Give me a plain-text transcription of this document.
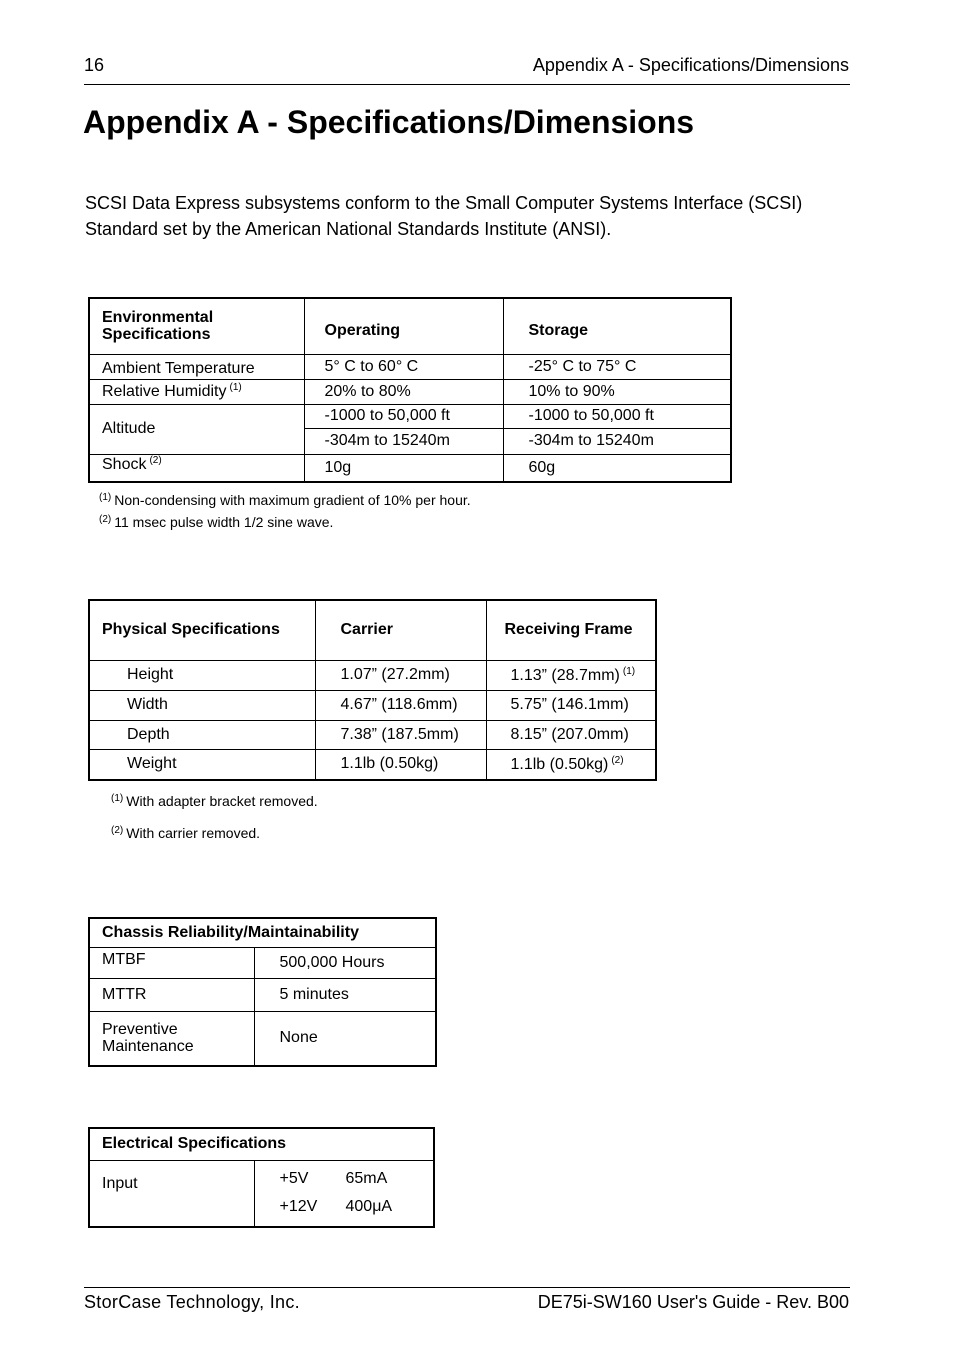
16	Appendix A - Specifications/Dimensions
Appendix A - Specifications/Dimensions

SCSI Data Express subsystems conform to the Small Computer Systems Interface (SCSI) Standard set by the American National Standards Institute (ANSI).

Environmental Specifications	Operating	Storage
Ambient Temperature	5° C to 60° C	-25° C to 75° C
Relative Humidity $^{(1)}$	20% to 80%	10% to 90%
Altitude	-1000 to 50,000 ft	-1000 to 50,000 ft
	-304m to 15240m	-304m to 15240m
Shock $^{(2)}$	10g	60g
$^{(1)}$ Non-condensing with maximum gradient of 10% per hour.
$^{(2)}$ 11 msec pulse width 1/2 sine wave.
Physical Specifications	Carrier	Receiving Frame
Height	1.07” (27.2mm)	1.13” (28.7mm) $^{(1)}$
Width	4.67” (118.6mm)	5.75” (146.1mm)
Depth	7.38” (187.5mm)	8.15” (207.0mm)
Weight	1.1lb (0.50kg)	1.1lb (0.50kg) $^{(2)}$
$^{(1)}$ With adapter bracket removed.
$^{(2)}$ With carrier removed.
Chassis Reliability/Maintainability	
MTBF	500,000 Hours
MTTR	5 minutes

Preventive Maintenance	None
Electrical Specifications
Input	+5V 65mA
+12V 400μA
StorCase Technology, Inc.	DE75i-SW160 User's Guide - Rev. B00
